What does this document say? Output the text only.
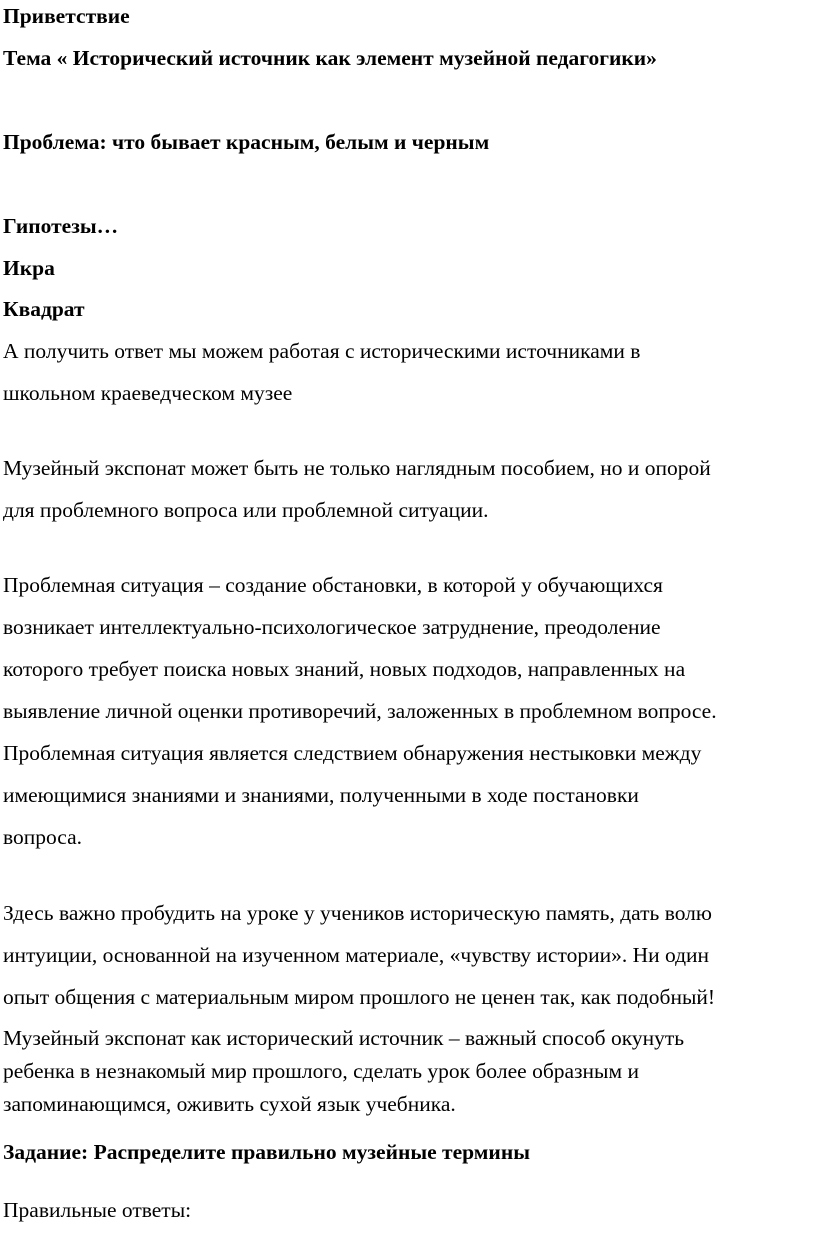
Приветствие
Тема « Исторический источник как элемент музейной педагогики»
Проблема: что бывает красным, белым и черным
Гипотезы…
Икра
Квадрат
А получить ответ мы можем работая с историческими источниками в
школьном краеведческом музее
Музейный экспонат может быть не только наглядным пособием, но и опорой
для проблемного вопроса или проблемной ситуации.
Проблемная ситуация – создание обстановки, в которой у обучающихся
возникает интеллектуально-психологическое затруднение, преодоление
которого требует поиска новых знаний, новых подходов, направленных на
выявление личной оценки противоречий, заложенных в проблемном вопросе.
Проблемная ситуация является следствием обнаружения нестыковки между
имеющимися знаниями и знаниями, полученными в ходе постановки
вопроса.
Здесь важно пробудить на уроке у учеников историческую память, дать волю
интуиции, основанной на изученном материале, «чувству истории». Ни один
опыт общения с материальным миром прошлого не ценен так, как подобный!
Музейный экспонат как исторический источник – важный способ окунуть
ребенка в незнакомый мир прошлого, сделать урок более образным и
запоминающимся, оживить сухой язык учебника.
Задание: Распределите правильно музейные термины
Правильные ответы:
